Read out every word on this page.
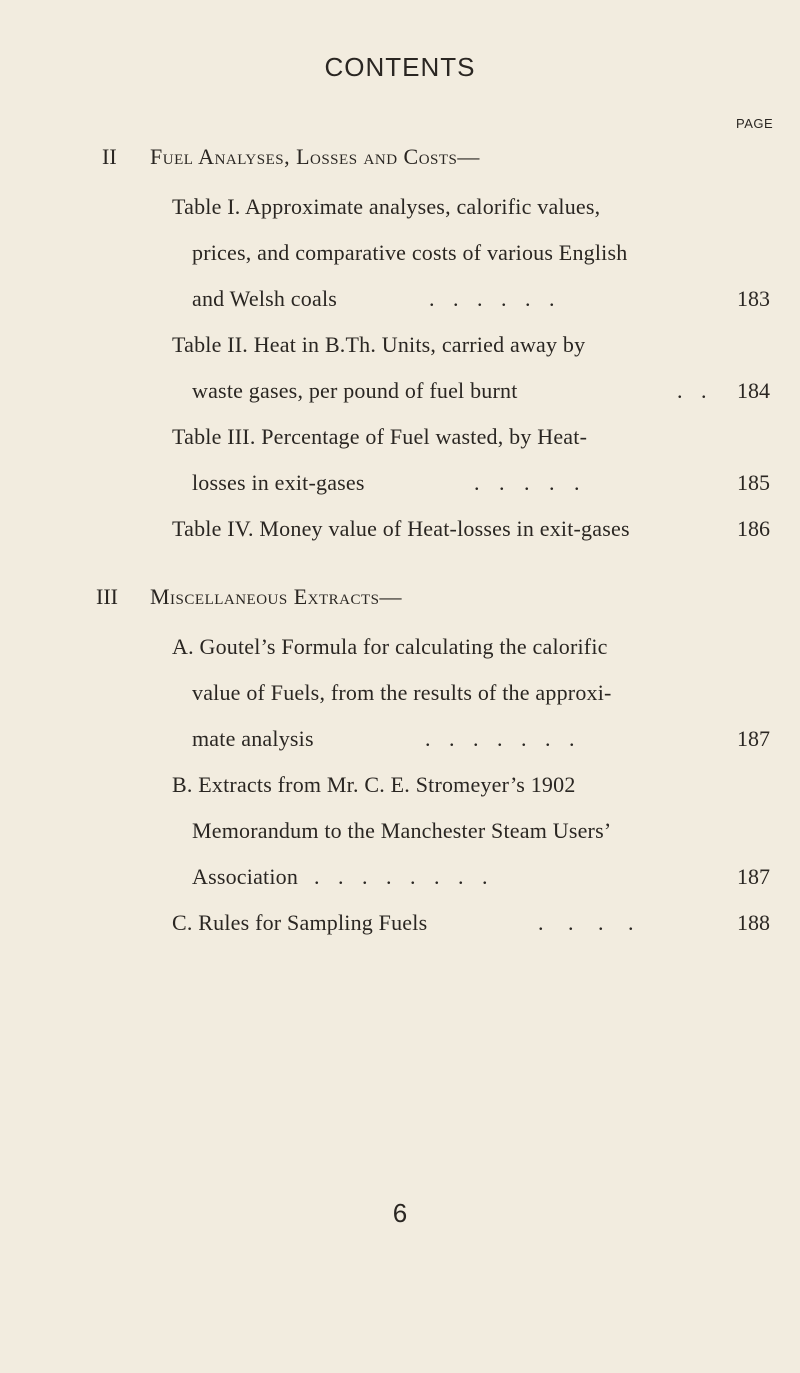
CONTENTS
PAGE
II Fuel Analyses, Losses and Costs—
Table I. Approximate analyses, calorific values,
prices, and comparative costs of various English
and Welsh coals	. . . . . .	183
Table II. Heat in B.Th. Units, carried away by
waste gases, per pound of fuel burnt	. . 184
Table III. Percentage of Fuel wasted, by Heat-
losses in exit-gases	. . . . .	185
Table IV. Money value of Heat-losses in exit-gases	186
III Miscellaneous Extracts—
A. Goutel’s Formula for calculating the calorific
value of Fuels, from the results of the approxi-
mate analysis	. . . . . . .	187
B. Extracts from Mr. C. E. Stromeyer’s 1902
Memorandum to the Manchester Steam Users’
Association . . . . . . . .	187
C. Rules for Sampling Fuels	. . . .	188
6
